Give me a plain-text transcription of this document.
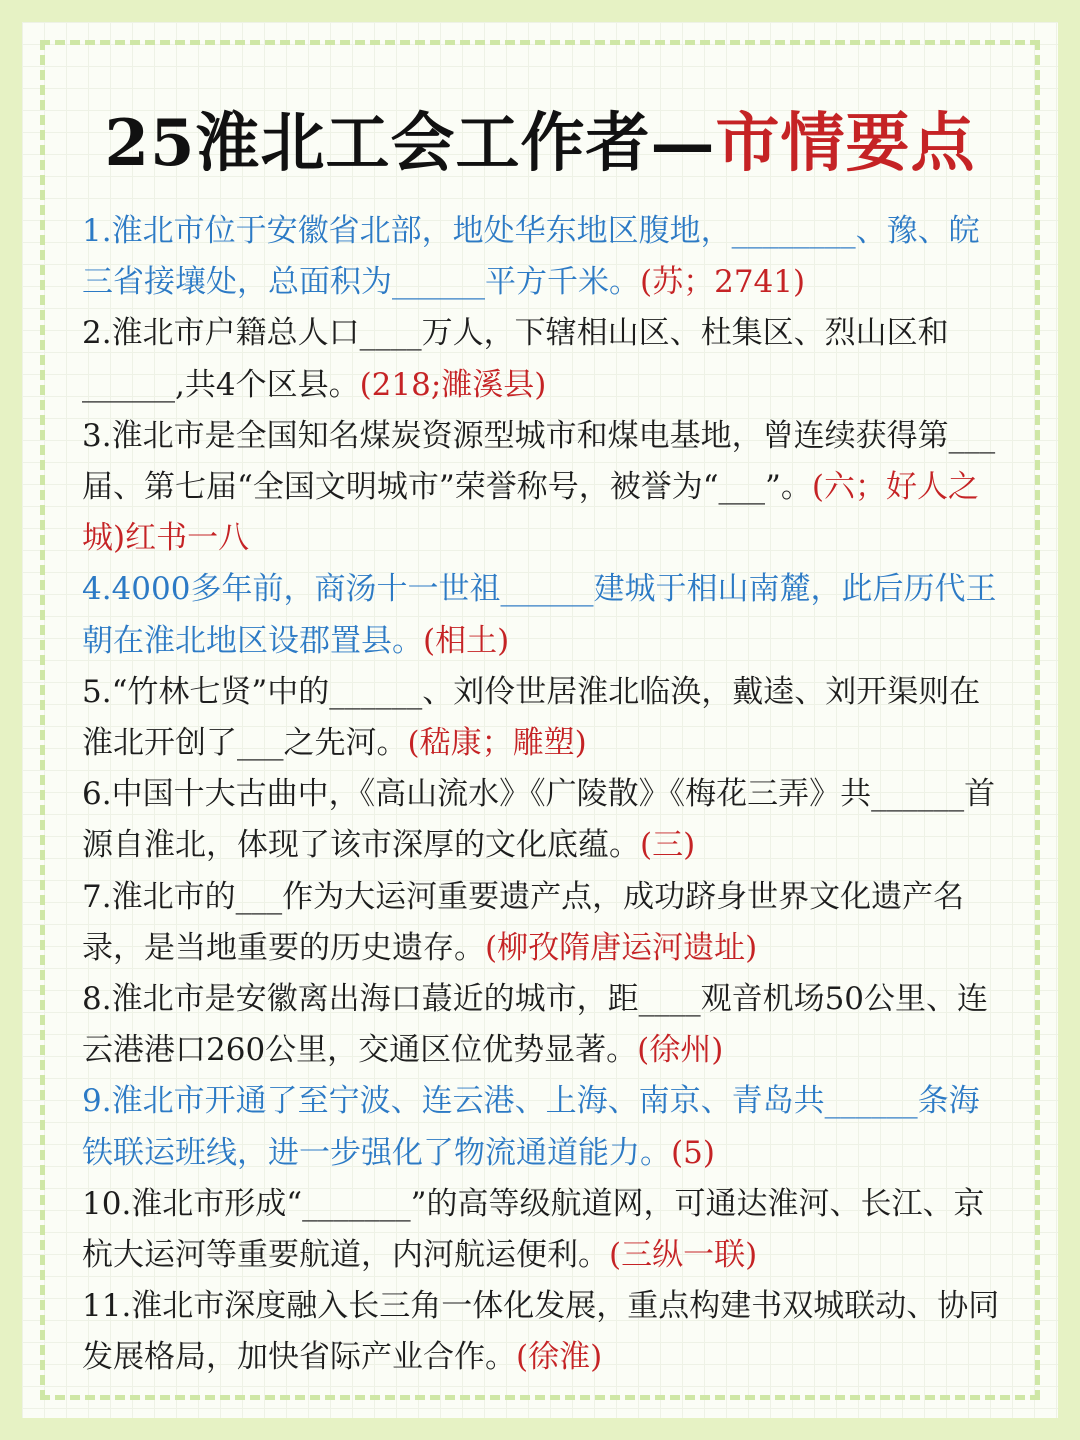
25淮北工会工作者—市情要点
1.淮北市位于安徽省北部，地处华东地区腹地，________、豫、皖三省接壤处，总面积为______平方千米。(苏；2741)
2.淮北市户籍总人口____万人，下辖相山区、杜集区、烈山区和______,共4个区县。(218;濉溪县)
3.淮北市是全国知名煤炭资源型城市和煤电基地，曾连续获得第___届、第七届“全国文明城市”荣誉称号，被誉为“___”。(六；好人之城)红书一八
4.4000多年前，商汤十一世祖______建城于相山南麓，此后历代王朝在淮北地区设郡置县。(相土)
5.“竹林七贤”中的______、刘伶世居淮北临涣，戴逵、刘开渠则在淮北开创了___之先河。(嵇康；雕塑)
6.中国十大古曲中，《高山流水》《广陵散》《梅花三弄》共______首源自淮北，体现了该市深厚的文化底蕴。(三)
7.淮北市的___作为大运河重要遗产点，成功跻身世界文化遗产名录，是当地重要的历史遗存。(柳孜隋唐运河遗址)
8.淮北市是安徽离出海口蕞近的城市，距____观音机场50公里、连云港港口260公里，交通区位优势显著。(徐州)
9.淮北市开通了至宁波、连云港、上海、南京、青岛共______条海铁联运班线，进一步强化了物流通道能力。(5)
10.淮北市形成“_______”的高等级航道网，可通达淮河、长江、京杭大运河等重要航道，内河航运便利。(三纵一联)
11.淮北市深度融入长三角一体化发展，重点构建书双城联动、协同发展格局，加快省际产业合作。(徐淮)
